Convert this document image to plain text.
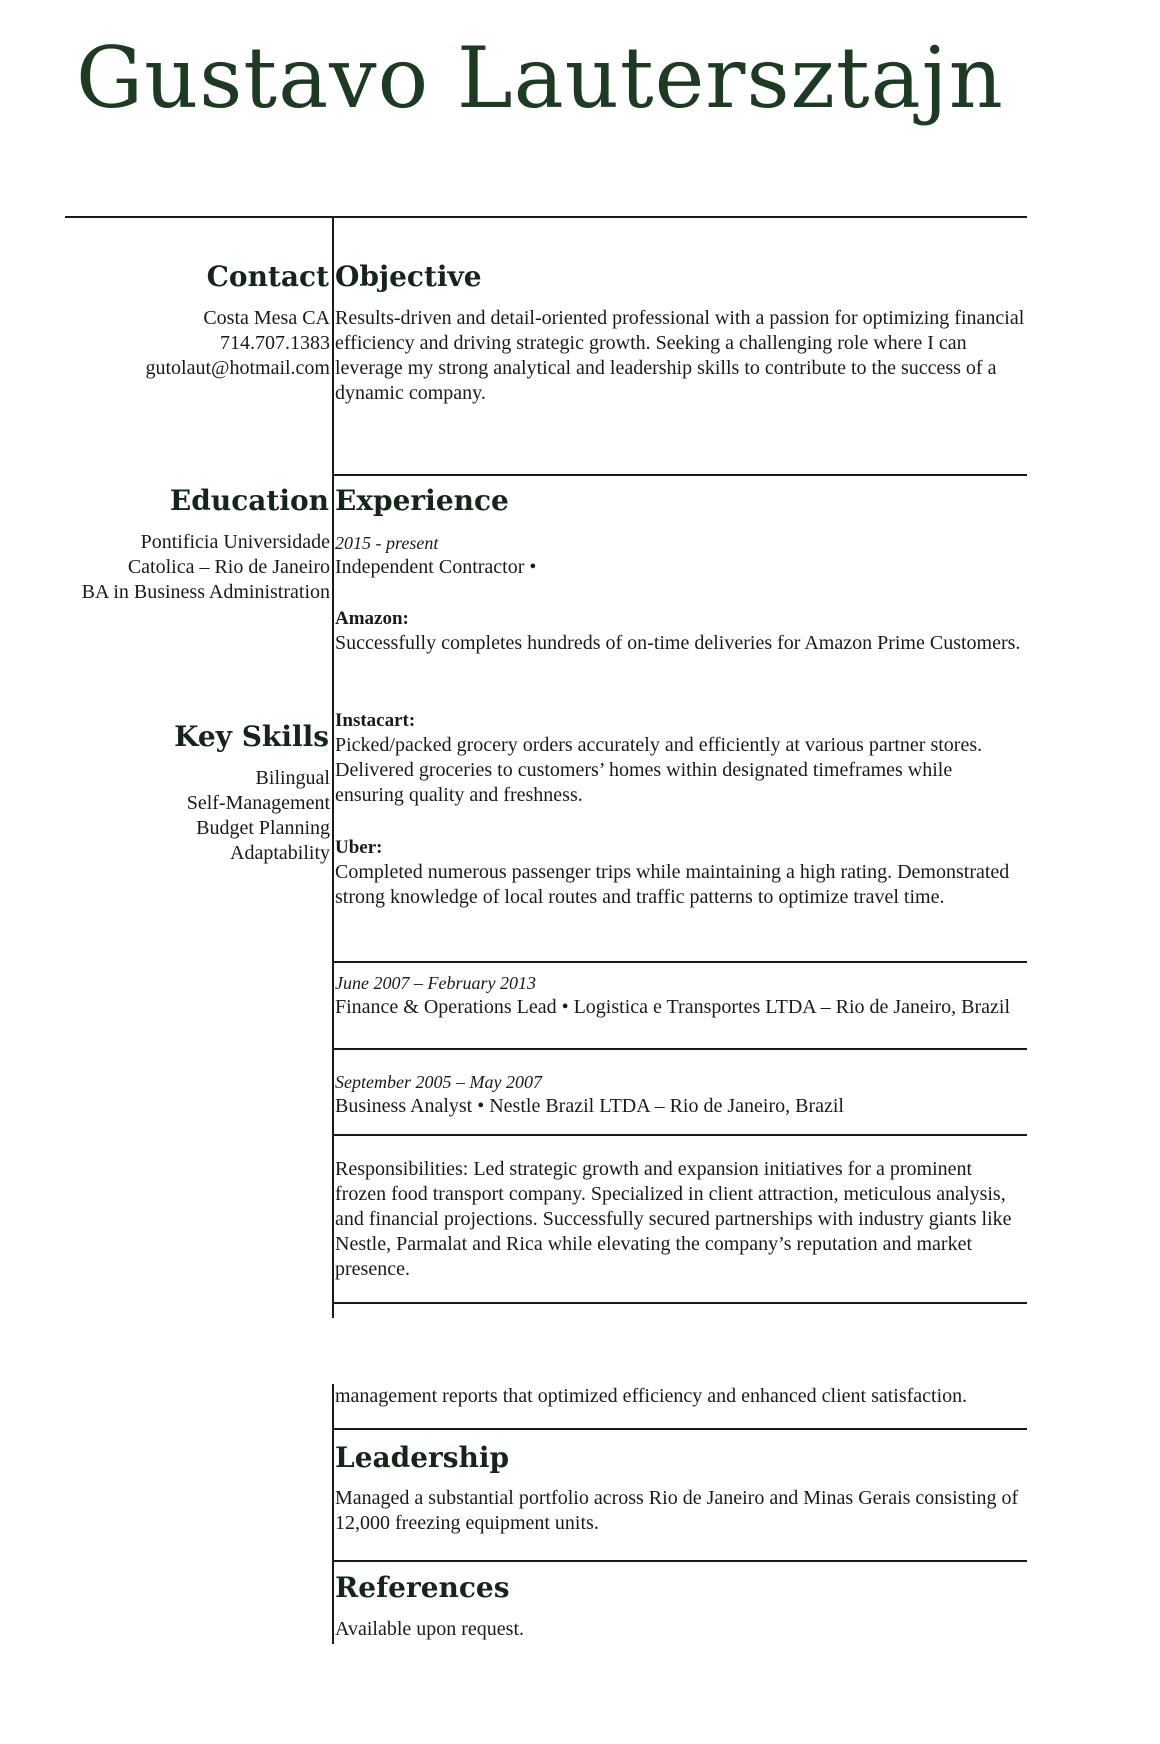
Gustavo Lautersztajn
Contact
Costa Mesa CA
714.707.1383
gutolaut@hotmail.com
Education
Pontificia Universidade
Catolica – Rio de Janeiro
BA in Business Administration
Key Skills
Bilingual
Self-Management
Budget Planning
Adaptability
Objective
Results-driven and detail-oriented professional with a passion for optimizing financial efficiency and driving strategic growth. Seeking a challenging role where I can leverage my strong analytical and leadership skills to contribute to the success of a dynamic company.
Experience
2015 - present
Independent Contractor •
Amazon:
Successfully completes hundreds of on-time deliveries for Amazon Prime Customers.
Instacart:
Picked/packed grocery orders accurately and efficiently at various partner stores. Delivered groceries to customers’ homes within designated timeframes while ensuring quality and freshness.
Uber:
Completed numerous passenger trips while maintaining a high rating. Demonstrated strong knowledge of local routes and traffic patterns to optimize travel time.
June 2007 – February 2013
Finance & Operations Lead • Logistica e Transportes LTDA – Rio de Janeiro, Brazil
September 2005 – May 2007
Business Analyst • Nestle Brazil LTDA – Rio de Janeiro, Brazil
Responsibilities: Led strategic growth and expansion initiatives for a prominent frozen food transport company. Specialized in client attraction, meticulous analysis, and financial projections. Successfully secured partnerships with industry giants like Nestle, Parmalat and Rica while elevating the company’s reputation and market presence.
management reports that optimized efficiency and enhanced client satisfaction.
Leadership
Managed a substantial portfolio across Rio de Janeiro and Minas Gerais consisting of 12,000 freezing equipment units.
References
Available upon request.
